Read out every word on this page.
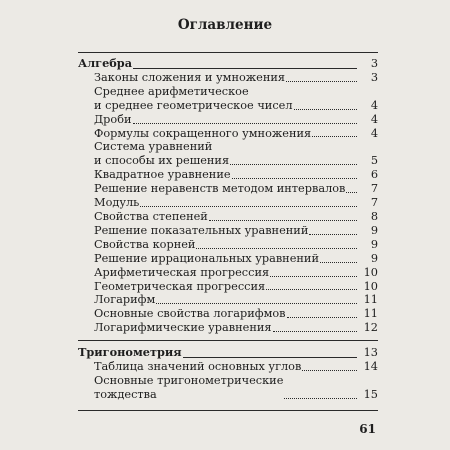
Оглавление
Алгебра	3
Законы сложения и умножения	3
Среднее арифметическое
и среднее геометрическое чисел	4
Дроби	4
Формулы сокращенного умножения	4
Система уравнений
и способы их решения	5
Квадратное уравнение	6
Решение неравенств методом интервалов	7
Модуль	7
Свойства степеней	8
Решение показательных уравнений	9
Свойства корней	9
Решение иррациональных уравнений	9
Арифметическая прогрессия	10
Геометрическая прогрессия	10
Логарифм	11
Основные свойства логарифмов	11
Логарифмические уравнения	12
Тригонометрия	13
Таблица значений основных углов	14
Основные тригонометрические
тождества	15
61
